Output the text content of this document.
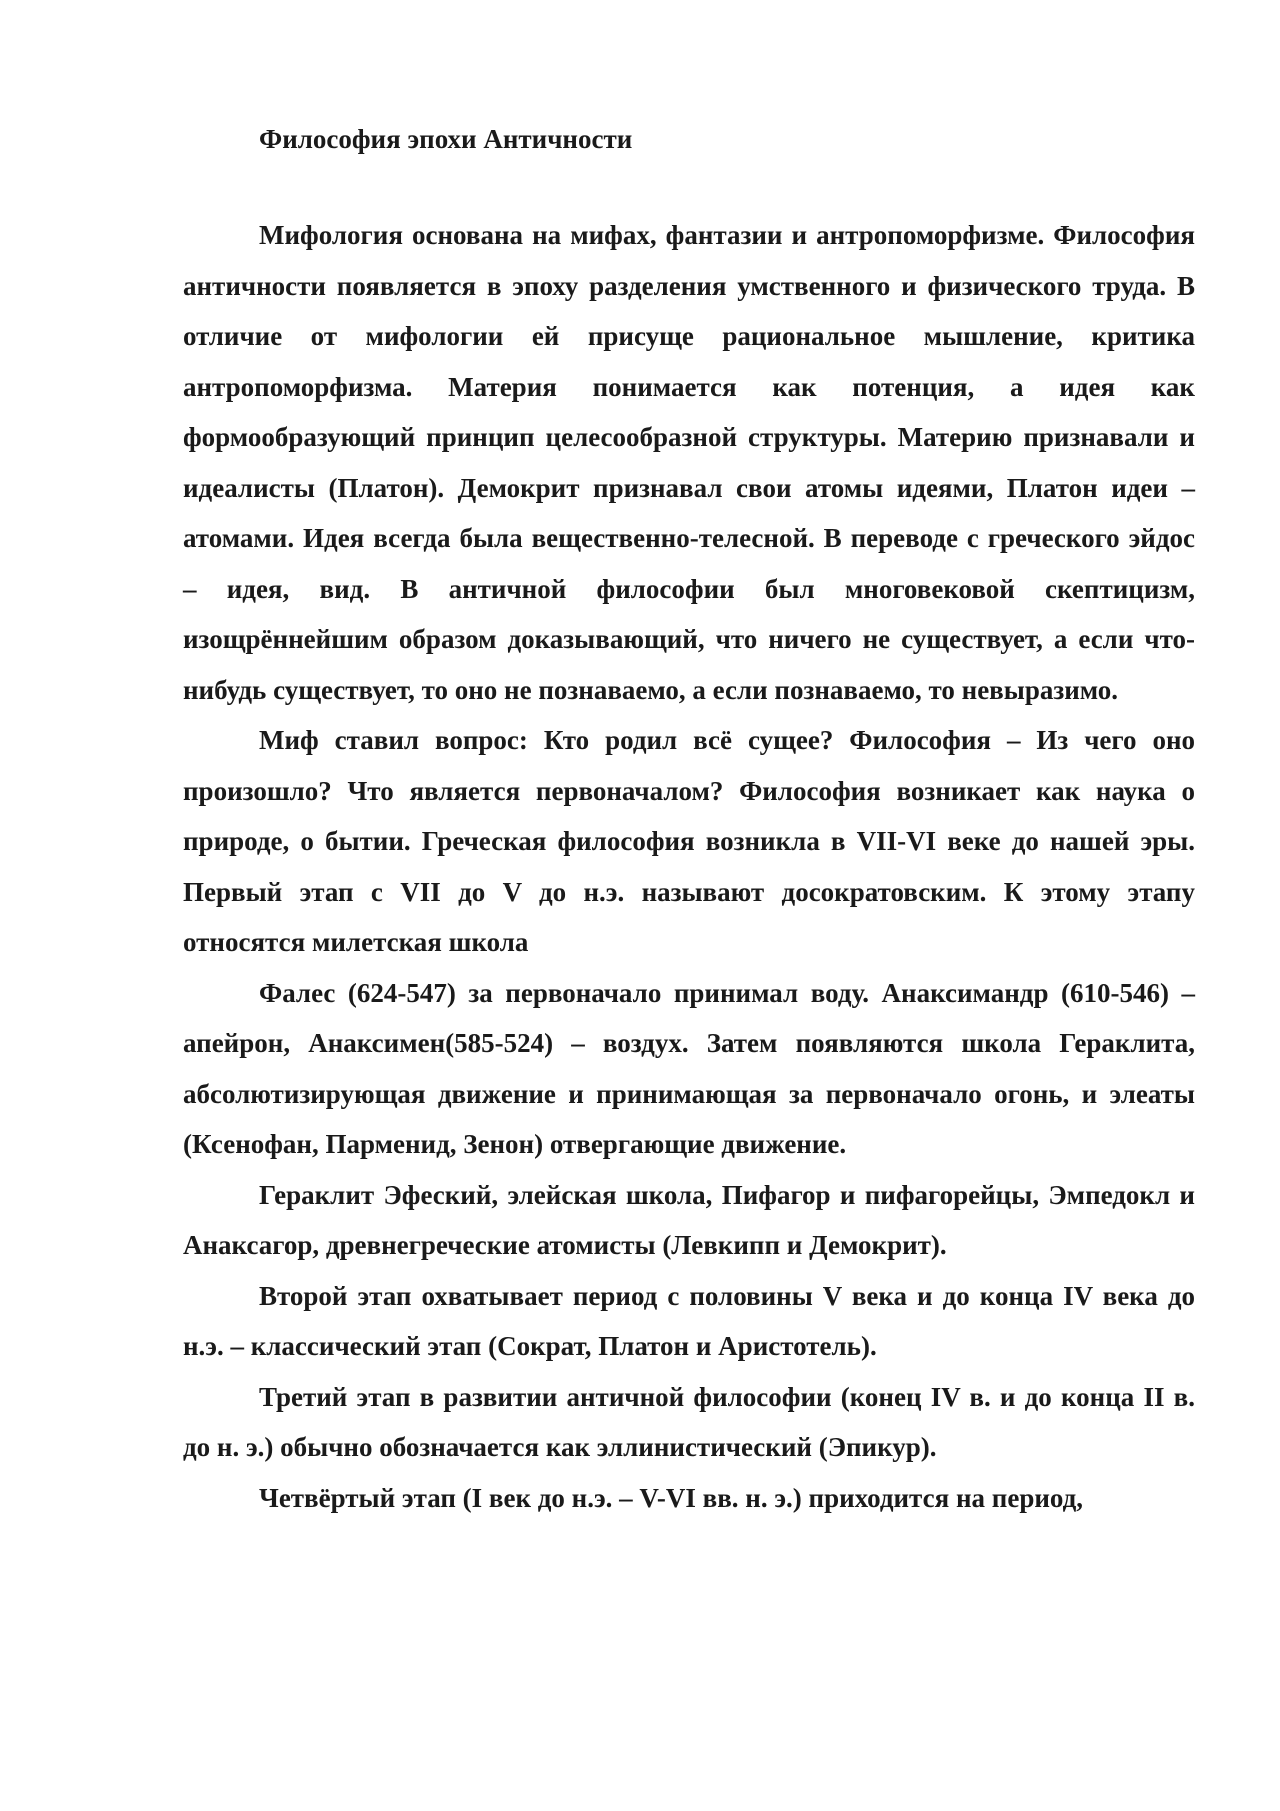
Философия эпохи Античности

Мифология основана на мифах, фантазии и антропоморфизме. Философия античности появляется в эпоху разделения умственного и физического труда. В отличие от мифологии ей присуще рациональное мышление, критика антропоморфизма. Материя понимается как потенция, а идея как формообразующий принцип целесообразной структуры. Материю признавали и идеалисты (Платон). Демокрит признавал свои атомы идеями, Платон идеи – атомами. Идея всегда была вещественно-телесной. В переводе с греческого эйдос – идея, вид. В античной философии был многовековой скептицизм, изощрённейшим образом доказывающий, что ничего не существует, а если что-нибудь существует, то оно не познаваемо, а если познаваемо, то невыразимо.

Миф ставил вопрос: Кто родил всё сущее? Философия – Из чего оно произошло? Что является первоначалом? Философия возникает как наука о природе, о бытии. Греческая философия возникла в VII-VI веке до нашей эры. Первый этап с VII до V до н.э. называют досократовским. К этому этапу относятся милетская школа

Фалес (624-547) за первоначало принимал воду. Анаксимандр (610-546) – апейрон, Анаксимен(585-524) – воздух. Затем появляются школа Гераклита, абсолютизирующая движение и принимающая за первоначало огонь, и элеаты (Ксенофан, Парменид, Зенон) отвергающие движение.

Гераклит Эфеский, элейская школа, Пифагор и пифагорейцы, Эмпедокл и Анаксагор, древнегреческие атомисты (Левкипп и Демокрит).

Второй этап охватывает период с половины V века и до конца IV века до н.э. – классический этап (Сократ, Платон и Аристотель).

Третий этап в развитии античной философии (конец IV в. и до конца II в. до н. э.) обычно обозначается как эллинистический (Эпикур).

Четвёртый этап (I век до н.э. – V-VI вв. н. э.) приходится на период,
